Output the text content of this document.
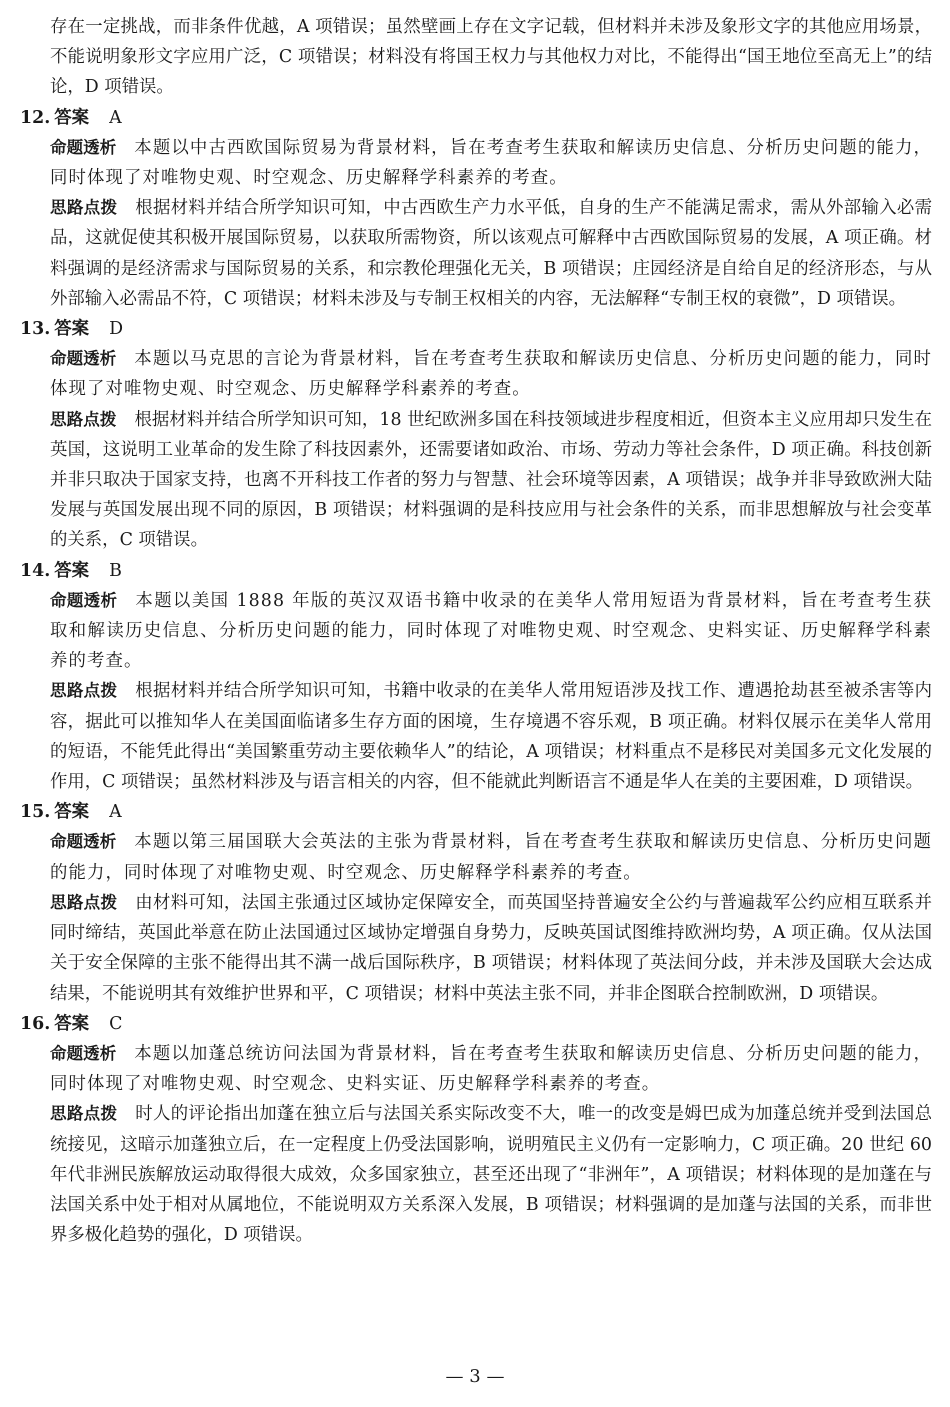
存在一定挑战，而非条件优越，A 项错误；虽然壁画上存在文字记载，但材料并未涉及象形文字的其他应用场景，不能说明象形文字应用广泛，C 项错误；材料没有将国王权力与其他权力对比，不能得出“国王地位至高无上”的结论，D 项错误。

12. 答案 A

命题透析 本题以中古西欧国际贸易为背景材料，旨在考查考生获取和解读历史信息、分析历史问题的能力，同时体现了对唯物史观、时空观念、历史解释学科素养的考查。

思路点拨 根据材料并结合所学知识可知，中古西欧生产力水平低，自身的生产不能满足需求，需从外部输入必需品，这就促使其积极开展国际贸易，以获取所需物资，所以该观点可解释中古西欧国际贸易的发展，A 项正确。材料强调的是经济需求与国际贸易的关系，和宗教伦理强化无关，B 项错误；庄园经济是自给自足的经济形态，与从外部输入必需品不符，C 项错误；材料未涉及与专制王权相关的内容，无法解释“专制王权的衰微”，D 项错误。

13. 答案 D

命题透析 本题以马克思的言论为背景材料，旨在考查考生获取和解读历史信息、分析历史问题的能力，同时体现了对唯物史观、时空观念、历史解释学科素养的考查。

思路点拨 根据材料并结合所学知识可知，18 世纪欧洲多国在科技领域进步程度相近，但资本主义应用却只发生在英国，这说明工业革命的发生除了科技因素外，还需要诸如政治、市场、劳动力等社会条件，D 项正确。科技创新并非只取决于国家支持，也离不开科技工作者的努力与智慧、社会环境等因素，A 项错误；战争并非导致欧洲大陆发展与英国发展出现不同的原因，B 项错误；材料强调的是科技应用与社会条件的关系，而非思想解放与社会变革的关系，C 项错误。

14. 答案 B

命题透析 本题以美国 1888 年版的英汉双语书籍中收录的在美华人常用短语为背景材料，旨在考查考生获取和解读历史信息、分析历史问题的能力，同时体现了对唯物史观、时空观念、史料实证、历史解释学科素养的考查。

思路点拨 根据材料并结合所学知识可知，书籍中收录的在美华人常用短语涉及找工作、遭遇抢劫甚至被杀害等内容，据此可以推知华人在美国面临诸多生存方面的困境，生存境遇不容乐观，B 项正确。材料仅展示在美华人常用的短语，不能凭此得出“美国繁重劳动主要依赖华人”的结论，A 项错误；材料重点不是移民对美国多元文化发展的作用，C 项错误；虽然材料涉及与语言相关的内容，但不能就此判断语言不通是华人在美的主要困难，D 项错误。

15. 答案 A

命题透析 本题以第三届国联大会英法的主张为背景材料，旨在考查考生获取和解读历史信息、分析历史问题的能力，同时体现了对唯物史观、时空观念、历史解释学科素养的考查。

思路点拨 由材料可知，法国主张通过区域协定保障安全，而英国坚持普遍安全公约与普遍裁军公约应相互联系并同时缔结，英国此举意在防止法国通过区域协定增强自身势力，反映英国试图维持欧洲均势，A 项正确。仅从法国关于安全保障的主张不能得出其不满一战后国际秩序，B 项错误；材料体现了英法间分歧，并未涉及国联大会达成结果，不能说明其有效维护世界和平，C 项错误；材料中英法主张不同，并非企图联合控制欧洲，D 项错误。

16. 答案 C

命题透析 本题以加蓬总统访问法国为背景材料，旨在考查考生获取和解读历史信息、分析历史问题的能力，同时体现了对唯物史观、时空观念、史料实证、历史解释学科素养的考查。

思路点拨 时人的评论指出加蓬在独立后与法国关系实际改变不大，唯一的改变是姆巴成为加蓬总统并受到法国总统接见，这暗示加蓬独立后，在一定程度上仍受法国影响，说明殖民主义仍有一定影响力，C 项正确。20 世纪 60 年代非洲民族解放运动取得很大成效，众多国家独立，甚至还出现了“非洲年”，A 项错误；材料体现的是加蓬在与法国关系中处于相对从属地位，不能说明双方关系深入发展，B 项错误；材料强调的是加蓬与法国的关系，而非世界多极化趋势的强化，D 项错误。

— 3 —
